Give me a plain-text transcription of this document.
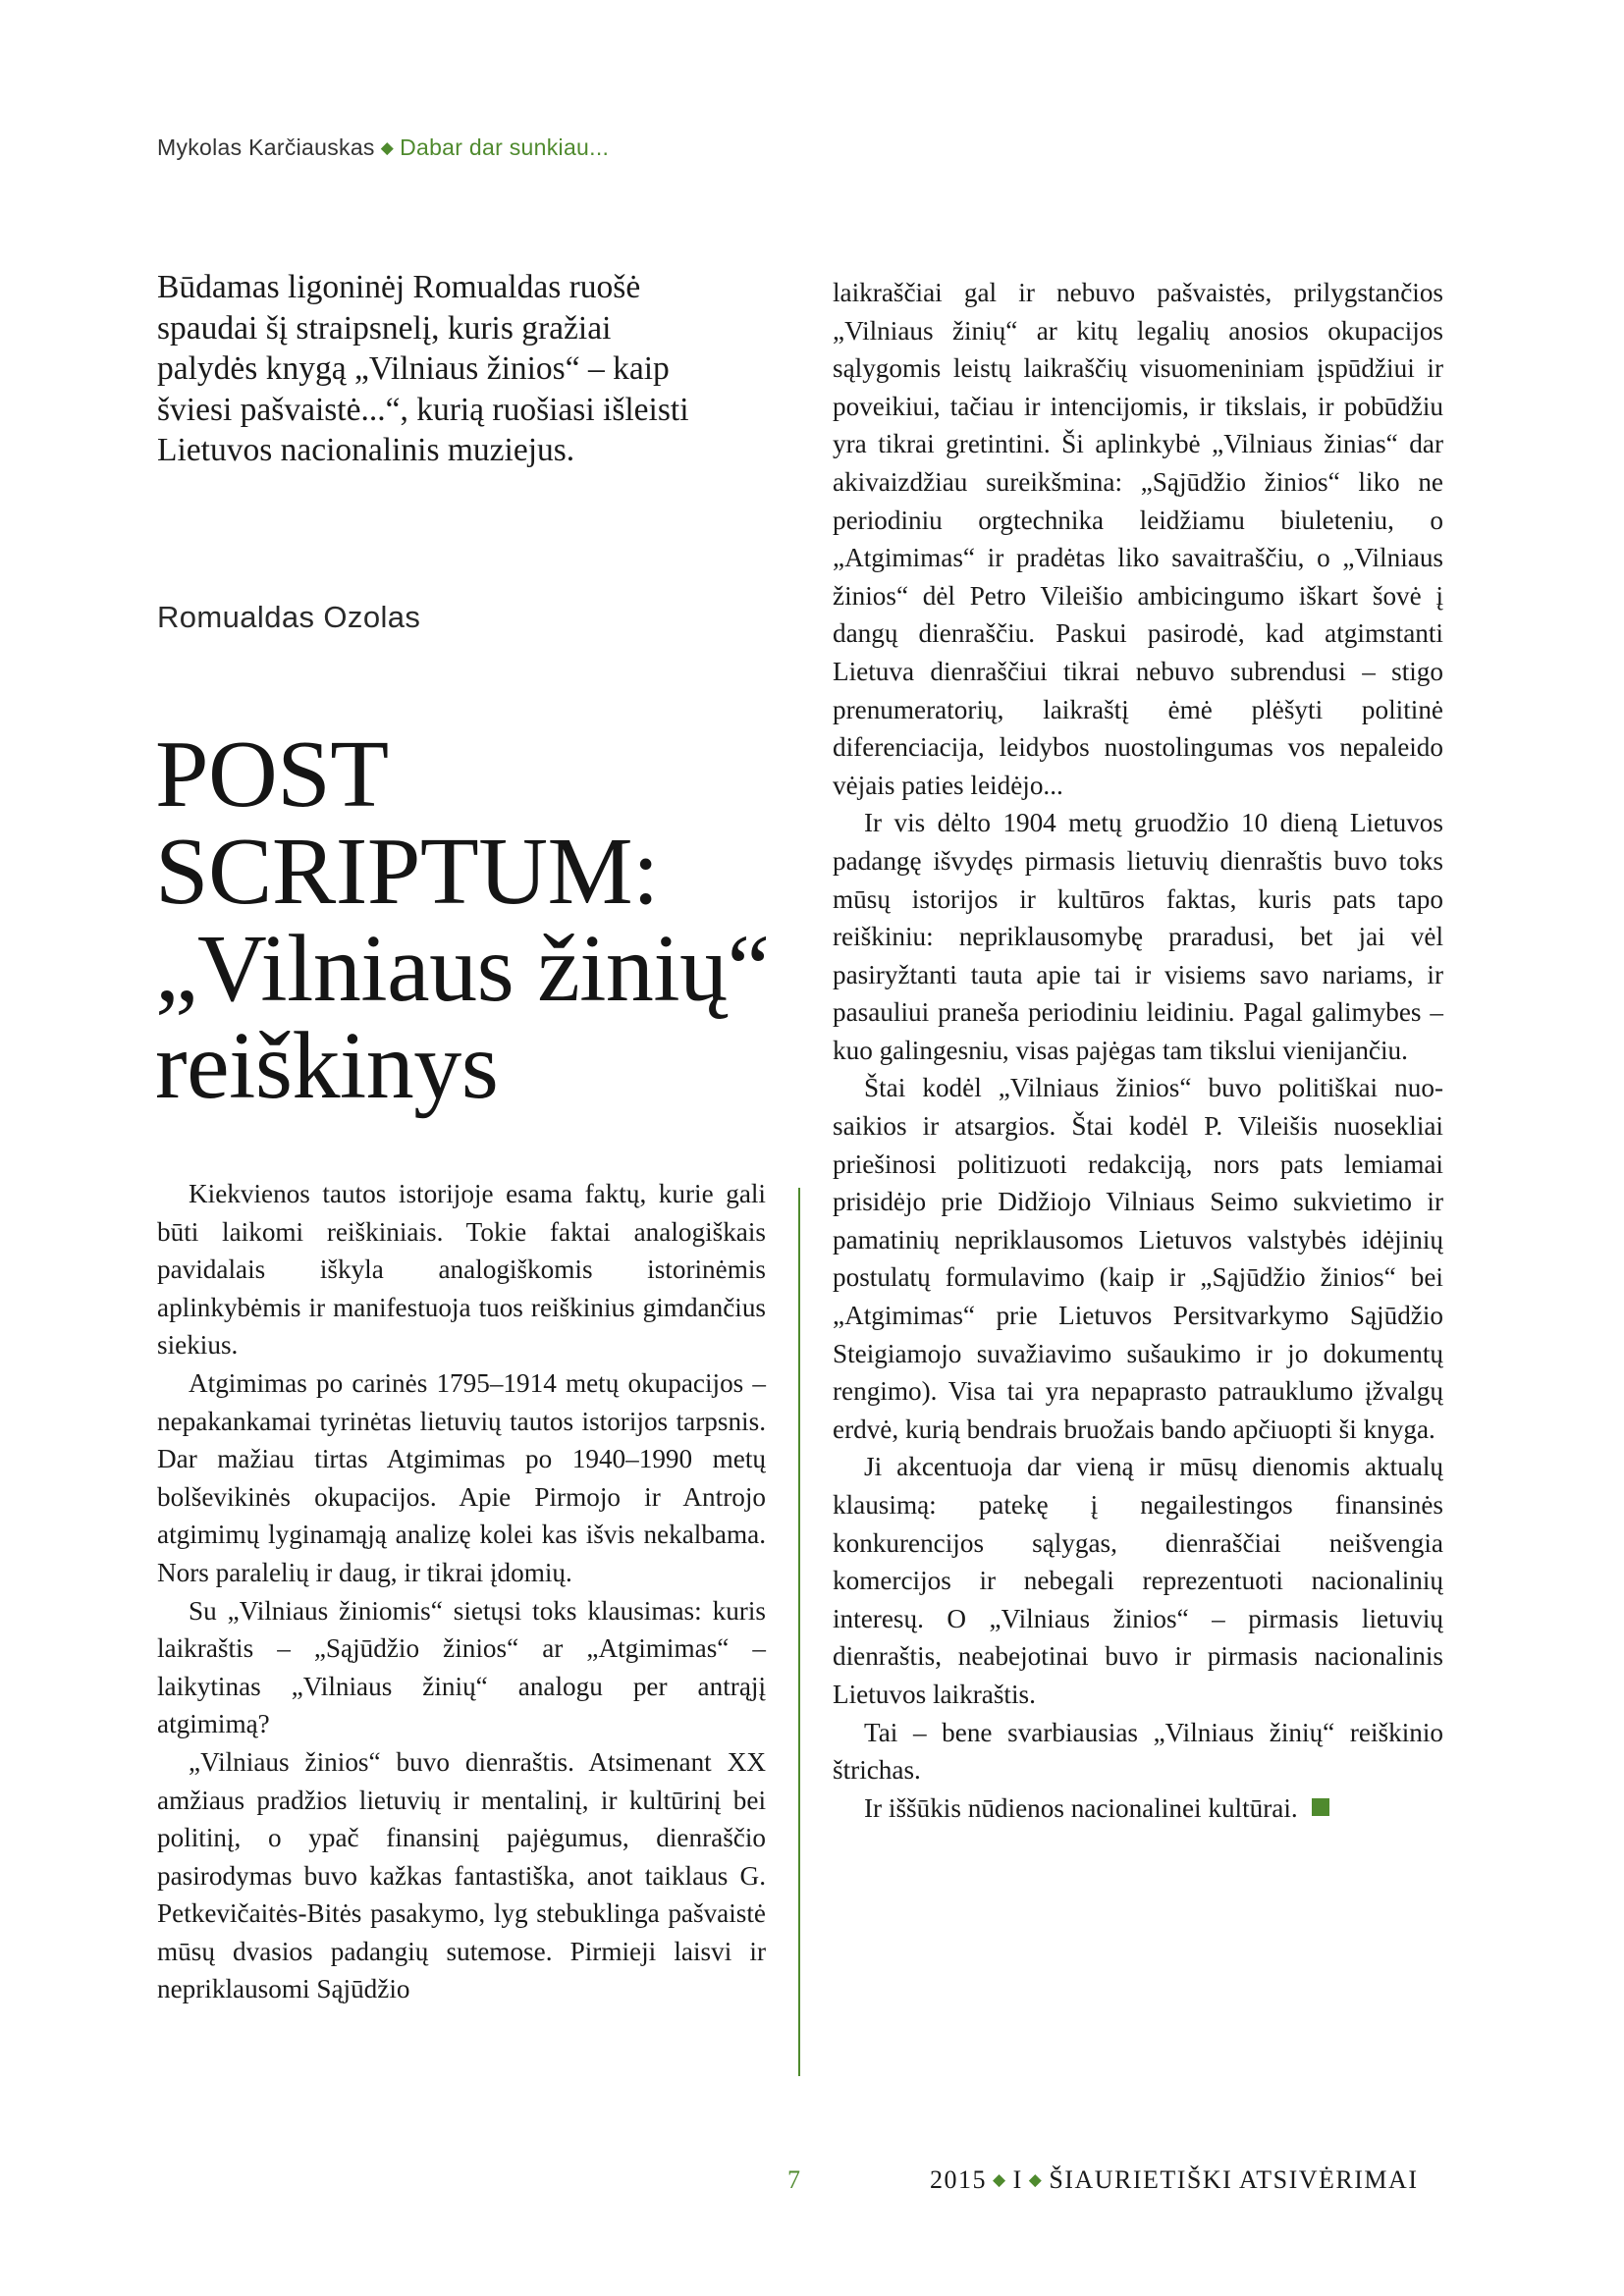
Mykolas Karčiauskas ◆ Dabar dar sunkiau...

Būdamas ligoninėj Romualdas ruošė spaudai šį straipsnelį, kuris gražiai palydės knygą „Vilniaus žinios“ – kaip šviesi pašvaistė...“, kurią ruošiasi išleisti Lietuvos nacionalinis muziejus.

Romualdas Ozolas
POST
SCRIPTUM:
„Vilniaus žinių“
reiškinys

Kiekvienos tautos istorijoje esama faktų, kurie gali būti laikomi reiškiniais. Tokie faktai analogiškais pavidalais iškyla analogiškomis istorinėmis aplinkybėmis ir manifestuoja tuos reiškinius gimdančius siekius.

Atgimimas po carinės 1795–1914 metų okupacijos – nepakankamai tyrinėtas lietuvių tautos istorijos tarpsnis. Dar mažiau tirtas Atgimimas po 1940–1990 metų bolševikinės okupacijos. Apie Pirmojo ir Antrojo atgimimų lyginamąją analizę kolei kas išvis nekalbama. Nors paralelių ir daug, ir tikrai įdomių.

Su „Vilniaus žiniomis“ sietųsi toks klausimas: kuris laikraštis – „Sąjūdžio žinios“ ar „Atgimimas“ – laikytinas „Vilniaus žinių“ analogu per antrąjį atgimimą?

„Vilniaus žinios“ buvo dienraštis. Atsimenant XX amžiaus pradžios lietuvių ir mentalinį, ir kultūrinį bei politinį, o ypač finansinį pajėgumus, dienraščio pasirodymas buvo kažkas fantastiška, anot taiklaus G. Petkevičaitės-Bitės pasakymo, lyg stebuklinga pašvaistė mūsų dvasios padangių sutemose. Pirmieji laisvi ir nepriklausomi Sąjūdžio

laikraščiai gal ir nebuvo pašvaistės, prilygstančios „Vilniaus žinių“ ar kitų legalių anosios okupacijos sąlygomis leistų laikraščių visuomeniniam įspūdžiui ir poveikiui, tačiau ir intencijomis, ir tikslais, ir pobūdžiu yra tikrai gretintini. Ši aplinkybė „Vilniaus žinias“ dar akivaizdžiau sureikšmina: „Sąjūdžio žinios“ liko ne periodiniu orgtechnika leidžiamu biuleteniu, o „Atgimimas“ ir pradėtas liko savaitraščiu, o „Vilniaus žinios“ dėl Petro Vileišio ambicingumo iškart šovė į dangų dienraščiu. Paskui pasirodė, kad atgimstanti Lietuva dienraščiui tikrai nebuvo subrendusi – stigo prenumeratorių, laikraštį ėmė plėšyti politinė diferenciacija, leidybos nuostolingumas vos nepaleido vėjais paties leidėjo...

Ir vis dėlto 1904 metų gruodžio 10 dieną Lietuvos padangę išvydęs pirmasis lietuvių dienraštis buvo toks mūsų istorijos ir kultūros faktas, kuris pats tapo reiškiniu: nepriklausomybę praradusi, bet jai vėl pasiryžtanti tauta apie tai ir visiems savo nariams, ir pasauliui praneša periodiniu leidiniu. Pagal galimybes – kuo galingesniu, visas pajėgas tam tikslui vienijančiu.

Štai kodėl „Vilniaus žinios“ buvo politiškai nuosaikios ir atsargios. Štai kodėl P. Vileišis nuosekliai priešinosi politizuoti redakciją, nors pats lemiamai prisidėjo prie Didžiojo Vilniaus Seimo sukvietimo ir pamatinių nepriklausomos Lietuvos valstybės idėjinių postulatų formulavimo (kaip ir „Sąjūdžio žinios“ bei „Atgimimas“ prie Lietuvos Persitvarkymo Sąjūdžio Steigiamojo suvažiavimo sušaukimo ir jo dokumentų rengimo). Visa tai yra nepaprasto patrauklumo įžvalgų erdvė, kurią bendrais bruožais bando apčiuopti ši knyga.

Ji akcentuoja dar vieną ir mūsų dienomis aktualų klausimą: patekę į negailestingos finansinės konkurencijos sąlygas, dienraščiai neišvengia komercijos ir nebegali reprezentuoti nacionalinių interesų. O „Vilniaus žinios“ – pirmasis lietuvių dienraštis, neabejotinai buvo ir pirmasis nacionalinis Lietuvos laikraštis.

Tai – bene svarbiausias „Vilniaus žinių“ reiškinio štrichas.

Ir iššūkis nūdienos nacionalinei kultūrai.

7	2015 ◆ I ◆ ŠIAURIETIŠKI ATSIVĖRIMAI
